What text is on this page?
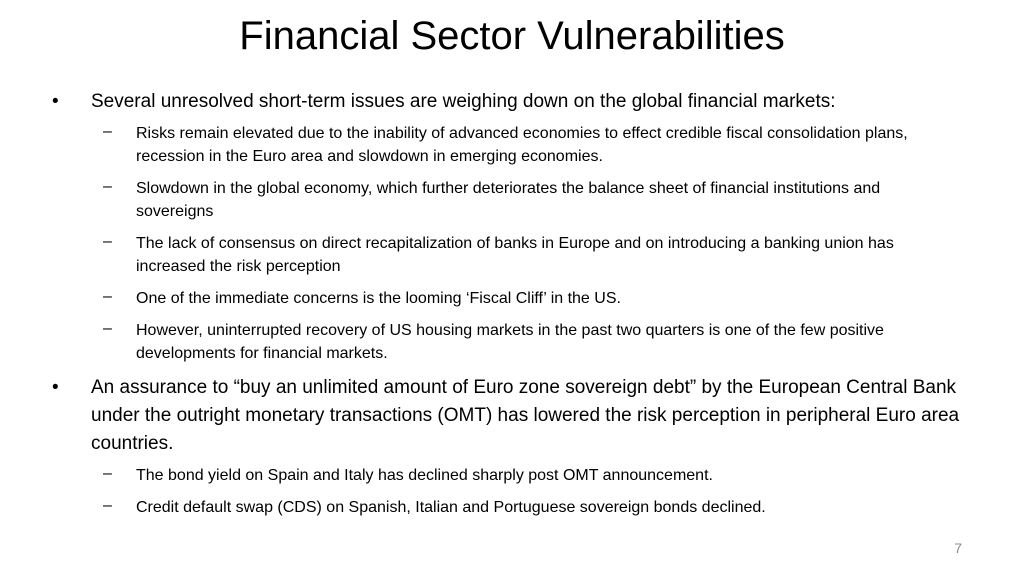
Financial Sector Vulnerabilities
•	Several unresolved short-term issues are weighing down on the global financial markets:
–	Risks remain elevated due to the inability of advanced economies to effect credible fiscal consolidation plans, recession in the Euro area and slowdown in emerging economies.
–	Slowdown in the global economy, which further deteriorates the balance sheet of financial institutions and sovereigns
–	The lack of consensus on direct recapitalization of banks in Europe and on introducing a banking union has increased the risk perception
–	One of the immediate concerns is the looming ‘Fiscal Cliff’ in the US.
–	However, uninterrupted recovery of US housing markets in the past two quarters is one of the few positive developments for financial markets.
•	An assurance to “buy an unlimited amount of Euro zone sovereign debt” by the European Central Bank under the outright monetary transactions (OMT) has lowered the risk perception in peripheral Euro area countries.
–	The bond yield on Spain and Italy has declined sharply post OMT announcement.
–	Credit default swap (CDS) on Spanish, Italian and Portuguese sovereign bonds declined.
7
